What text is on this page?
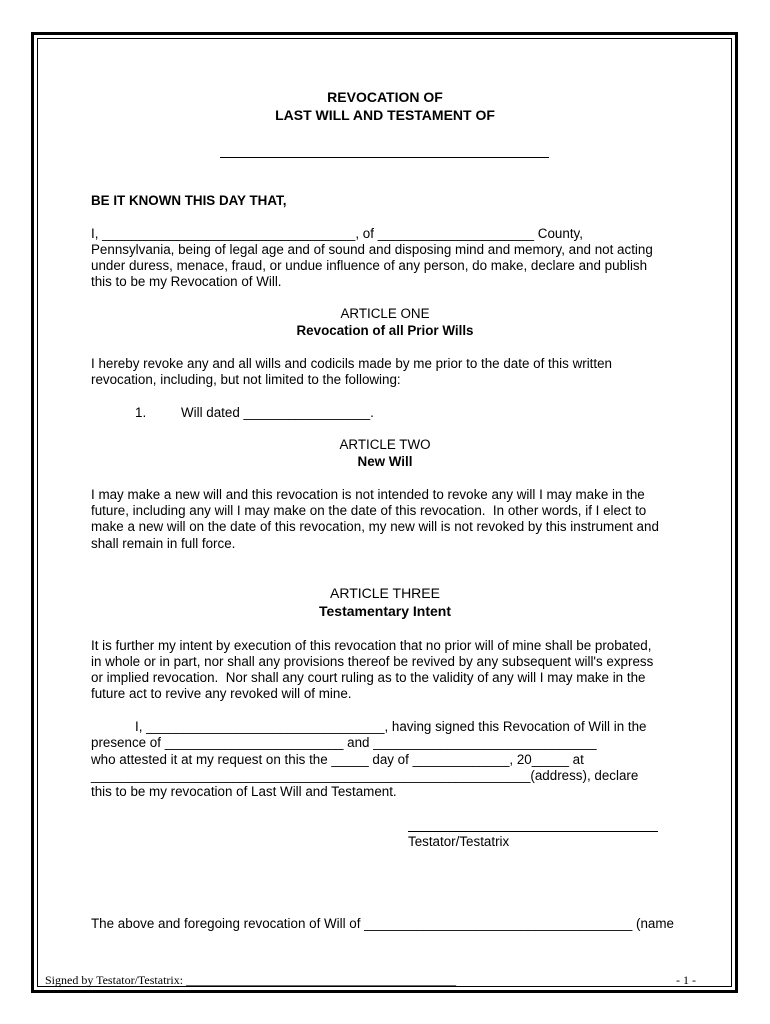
REVOCATION OF
LAST WILL AND TESTAMENT OF
BE IT KNOWN THIS DAY THAT,
I, __________________________________, of _____________________ County,
Pennsylvania, being of legal age and of sound and disposing mind and memory, and not acting
under duress, menace, fraud, or undue influence of any person, do make, declare and publish
this to be my Revocation of Will.
ARTICLE ONE
Revocation of all Prior Wills
I hereby revoke any and all wills and codicils made by me prior to the date of this written
revocation, including, but not limited to the following:
1.	Will dated _________________.
ARTICLE TWO
New Will
I may make a new will and this revocation is not intended to revoke any will I may make in the
future, including any will I may make on the date of this revocation.  In other words, if I elect to
make a new will on the date of this revocation, my new will is not revoked by this instrument and
shall remain in full force.
ARTICLE THREE
Testamentary Intent
It is further my intent by execution of this revocation that no prior will of mine shall be probated,
in whole or in part, nor shall any provisions thereof be revived by any subsequent will's express
or implied revocation.  Nor shall any court ruling as to the validity of any will I may make in the
future act to revive any revoked will of mine.
I, ________________________________, having signed this Revocation of Will in the
presence of ________________________ and ______________________________
who attested it at my request on this the _____ day of _____________, 20_____ at
___________________________________________________________(address), declare
this to be my revocation of Last Will and Testament.
Testator/Testatrix
The above and foregoing revocation of Will of ____________________________________ (name
Signed by Testator/Testatrix: _____________________________________________	- 1 -
